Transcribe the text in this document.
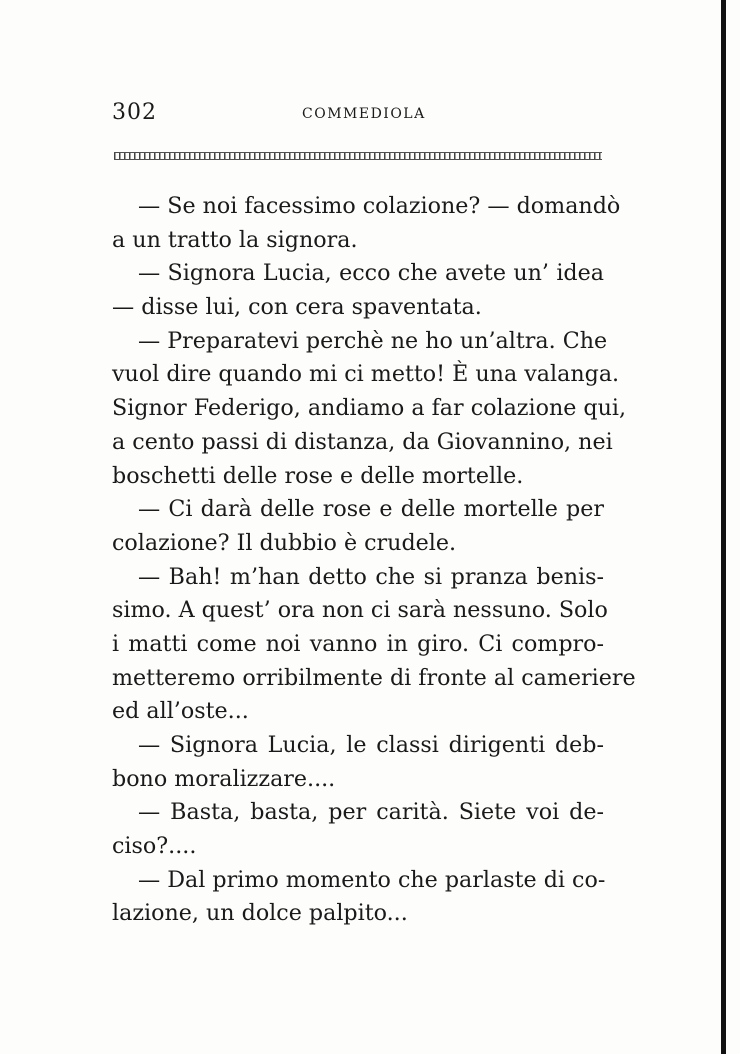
302	COMMEDIOLA
— Se noi facessimo colazione? — domandò
a un tratto la signora.
— Signora Lucia, ecco che avete un’ idea
— disse lui, con cera spaventata.
— Preparatevi perchè ne ho un’altra. Che
vuol dire quando mi ci metto! È una valanga.
Signor Federigo, andiamo a far colazione qui,
a cento passi di distanza, da Giovannino, nei
boschetti delle rose e delle mortelle.
— Ci darà delle rose e delle mortelle per
colazione? Il dubbio è crudele.
— Bah! m’han detto che si pranza benis-
simo. A quest’ ora non ci sarà nessuno. Solo
i matti come noi vanno in giro. Ci compro-
metteremo orribilmente di fronte al cameriere
ed all’oste...
— Signora Lucia, le classi dirigenti deb-
bono moralizzare....
— Basta, basta, per carità. Siete voi de-
ciso?....
— Dal primo momento che parlaste di co-
lazione, un dolce palpito...
